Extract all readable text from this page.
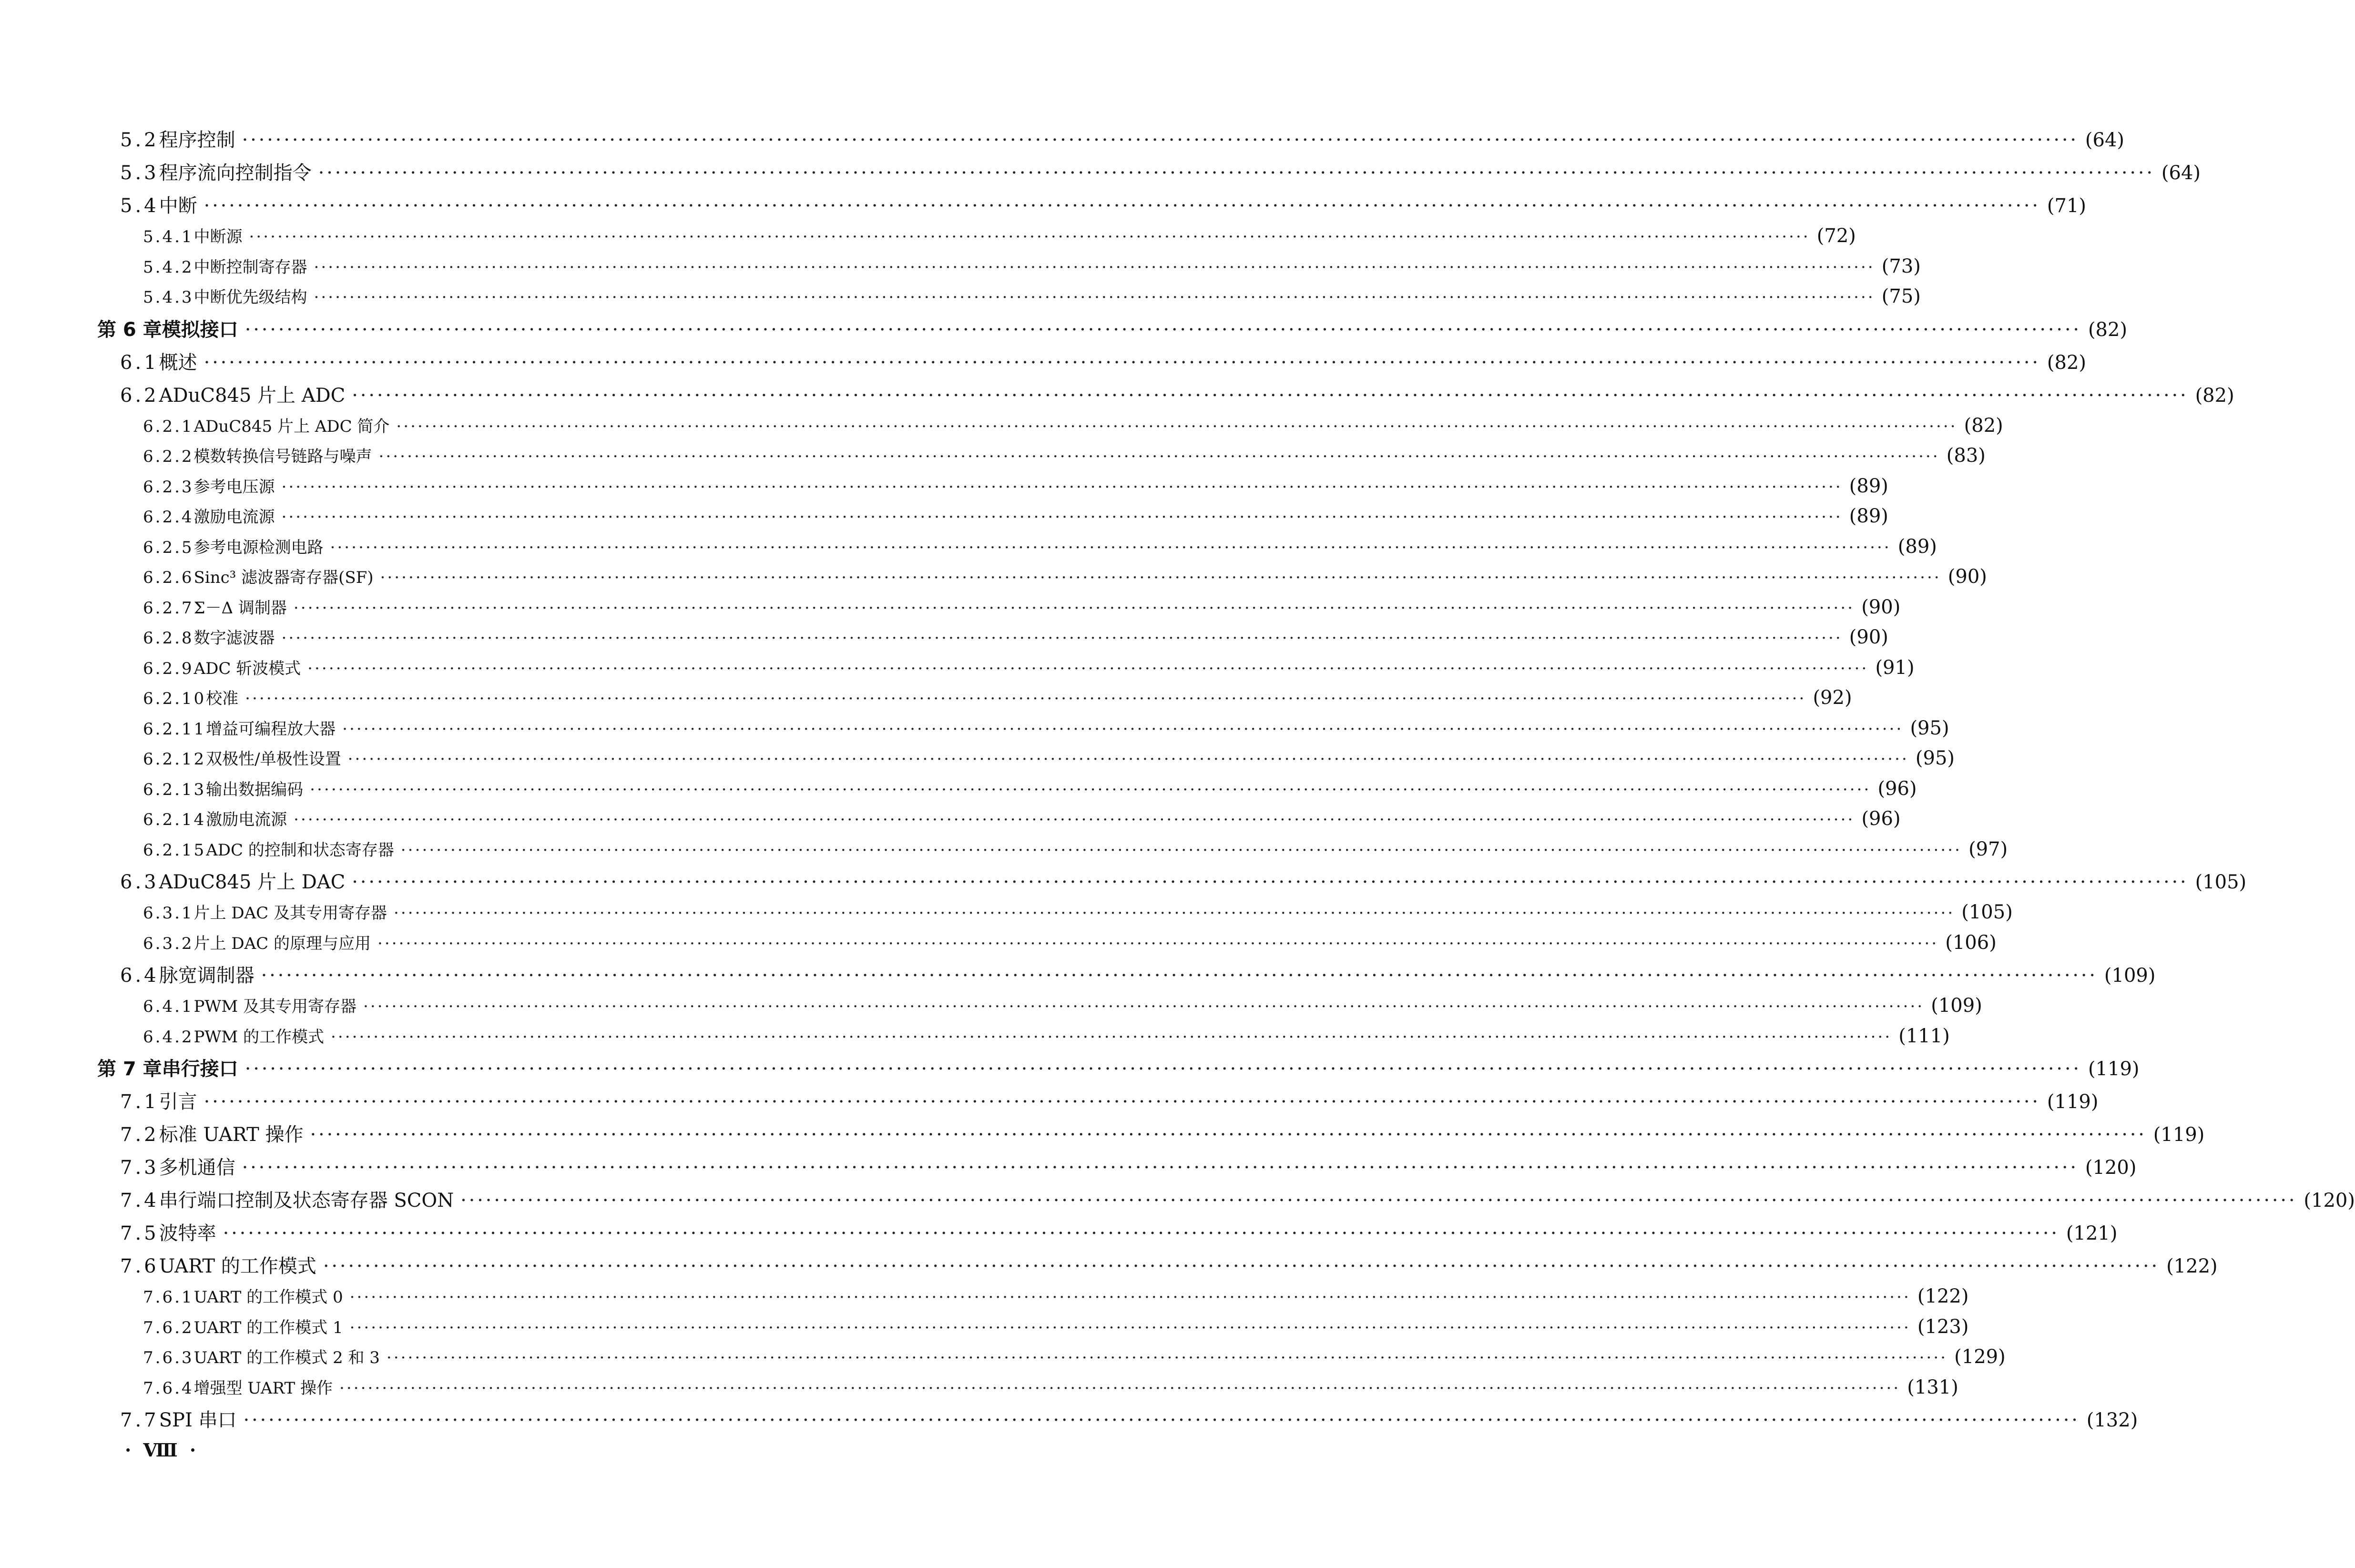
5.2 程序控制 ···························································································································································································································· (64)
5.3 程序流向控制指令 ···························································································································································································································· (64)
5.4 中断 ···························································································································································································································· (71)
5.4.1 中断源 ···························································································································································································································· (72)
5.4.2 中断控制寄存器 ···························································································································································································································· (73)
5.4.3 中断优先级结构 ···························································································································································································································· (75)
第 6 章 模拟接口 ···························································································································································································································· (82)
6.1 概述 ···························································································································································································································· (82)
6.2 ADuC845 片上 ADC ···························································································································································································································· (82)
6.2.1 ADuC845 片上 ADC 简介 ···························································································································································································································· (82)
6.2.2 模数转换信号链路与噪声 ···························································································································································································································· (83)
6.2.3 参考电压源 ···························································································································································································································· (89)
6.2.4 激励电流源 ···························································································································································································································· (89)
6.2.5 参考电源检测电路 ···························································································································································································································· (89)
6.2.6 Sinc³ 滤波器寄存器(SF) ···························································································································································································································· (90)
6.2.7 Σ－Δ 调制器 ···························································································································································································································· (90)
6.2.8 数字滤波器 ···························································································································································································································· (90)
6.2.9 ADC 斩波模式 ···························································································································································································································· (91)
6.2.10 校准 ···························································································································································································································· (92)
6.2.11 增益可编程放大器 ···························································································································································································································· (95)
6.2.12 双极性/单极性设置 ···························································································································································································································· (95)
6.2.13 输出数据编码 ···························································································································································································································· (96)
6.2.14 激励电流源 ···························································································································································································································· (96)
6.2.15 ADC 的控制和状态寄存器 ···························································································································································································································· (97)
6.3 ADuC845 片上 DAC ···························································································································································································································· (105)
6.3.1 片上 DAC 及其专用寄存器 ···························································································································································································································· (105)
6.3.2 片上 DAC 的原理与应用 ···························································································································································································································· (106)
6.4 脉宽调制器 ···························································································································································································································· (109)
6.4.1 PWM 及其专用寄存器 ···························································································································································································································· (109)
6.4.2 PWM 的工作模式 ···························································································································································································································· (111)
第 7 章 串行接口 ···························································································································································································································· (119)
7.1 引言 ···························································································································································································································· (119)
7.2 标准 UART 操作 ···························································································································································································································· (119)
7.3 多机通信 ···························································································································································································································· (120)
7.4 串行端口控制及状态寄存器 SCON ···························································································································································································································· (120)
7.5 波特率 ···························································································································································································································· (121)
7.6 UART 的工作模式 ···························································································································································································································· (122)
7.6.1 UART 的工作模式 0 ···························································································································································································································· (122)
7.6.2 UART 的工作模式 1 ···························································································································································································································· (123)
7.6.3 UART 的工作模式 2 和 3 ···························································································································································································································· (129)
7.6.4 增强型 UART 操作 ···························································································································································································································· (131)
7.7 SPI 串口 ···························································································································································································································· (132)
· Ⅷ ·
